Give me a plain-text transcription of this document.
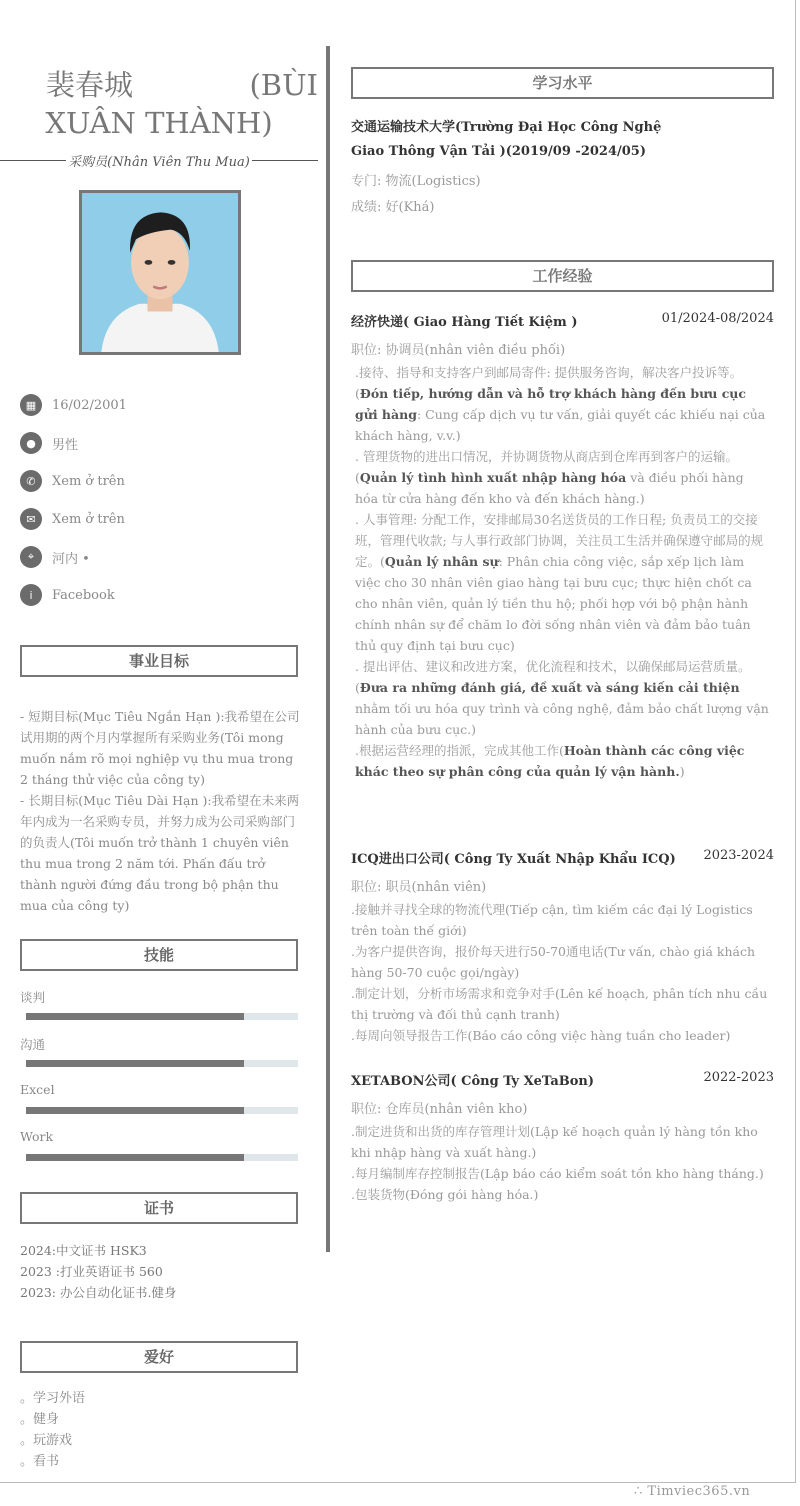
裴春城	(BÙI
XUÂN THÀNH)
采购员(Nhân Viên Thu Mua)
▦	16/02/2001
●	男性
✆	Xem ở trên
✉	Xem ở trên
⌖	河内 •
i	Facebook
事业目标

- 短期目标(Mục Tiêu Ngắn Hạn ):我希望在公司试用期的两个月内掌握所有采购业务(Tôi mong muốn nắm rõ mọi nghiệp vụ thu mua trong 2 tháng thử việc của công ty)

- 长期目标(Mục Tiêu Dài Hạn ):我希望在未来两年内成为一名采购专员，并努力成为公司采购部门的负责人(Tôi muốn trở thành 1 chuyên viên thu mua trong 2 năm tới. Phấn đấu trở thành người đứng đầu trong bộ phận thu mua của công ty)

技能
谈判
沟通
Excel
Work
证书

2024:中文证书 HSK3

2023 :打业英语证书 560

2023: 办公自动化证书.健身

爱好

。学习外语

。健身

。玩游戏

。看书

学习水平
交通运输技术大学(Trường Đại Học Công Nghệ Giao Thông Vận Tải )(2019/09 -2024/05)
专门: 物流(Logistics)
成绩: 好(Khá)
工作经验
经济快递( Giao Hàng Tiết Kiệm )	01/2024-08/2024
职位: 协调员(nhân viên điều phối)

.接待、指导和支持客户到邮局寄件: 提供服务咨询，解决客户投诉等。(Đón tiếp, hướng dẫn và hỗ trợ khách hàng đến bưu cục gửi hàng: Cung cấp dịch vụ tư vấn, giải quyết các khiếu nại của khách hàng, v.v.)

. 管理货物的进出口情况，并协调货物从商店到仓库再到客户的运输。(Quản lý tình hình xuất nhập hàng hóa và điều phối hàng hóa từ cửa hàng đến kho và đến khách hàng.)

. 人事管理: 分配工作，安排邮局30名送货员的工作日程; 负责员工的交接班，管理代收款; 与人事行政部门协调，关注员工生活并确保遵守邮局的规定。(Quản lý nhân sự: Phân chia công việc, sắp xếp lịch làm việc cho 30 nhân viên giao hàng tại bưu cục; thực hiện chốt ca cho nhân viên, quản lý tiền thu hộ; phối hợp với bộ phận hành chính nhân sự để chăm lo đời sống nhân viên và đảm bảo tuân thủ quy định tại bưu cục)

. 提出评估、建议和改进方案，优化流程和技术，以确保邮局运营质量。(Đưa ra những đánh giá, đề xuất và sáng kiến cải thiện nhằm tối ưu hóa quy trình và công nghệ, đảm bảo chất lượng vận hành của bưu cục.)

.根据运营经理的指派，完成其他工作(Hoàn thành các công việc khác theo sự phân công của quản lý vận hành.)

ICQ进出口公司( Công Ty Xuất Nhập Khẩu ICQ) 2023-2024
职位: 职员(nhân viên)

.接触并寻找全球的物流代理(Tiếp cận, tìm kiếm các đại lý Logistics trên toàn thế giới)

.为客户提供咨询，报价每天进行50-70通电话(Tư vấn, chào giá khách hàng 50-70 cuộc gọi/ngày)

.制定计划，分析市场需求和竞争对手(Lên kế hoạch, phân tích nhu cầu thị trường và đối thủ cạnh tranh)

.每周向领导报告工作(Báo cáo công việc hàng tuần cho leader)

XETABON公司( Công Ty XeTaBon)	2022-2023
职位: 仓库员(nhân viên kho)

.制定进货和出货的库存管理计划(Lập kế hoạch quản lý hàng tồn kho khi nhập hàng và xuất hàng.)

.每月编制库存控制报告(Lập báo cáo kiểm soát tồn kho hàng tháng.)

.包装货物(Đóng gói hàng hóa.)

∴ Timviec365.vn
